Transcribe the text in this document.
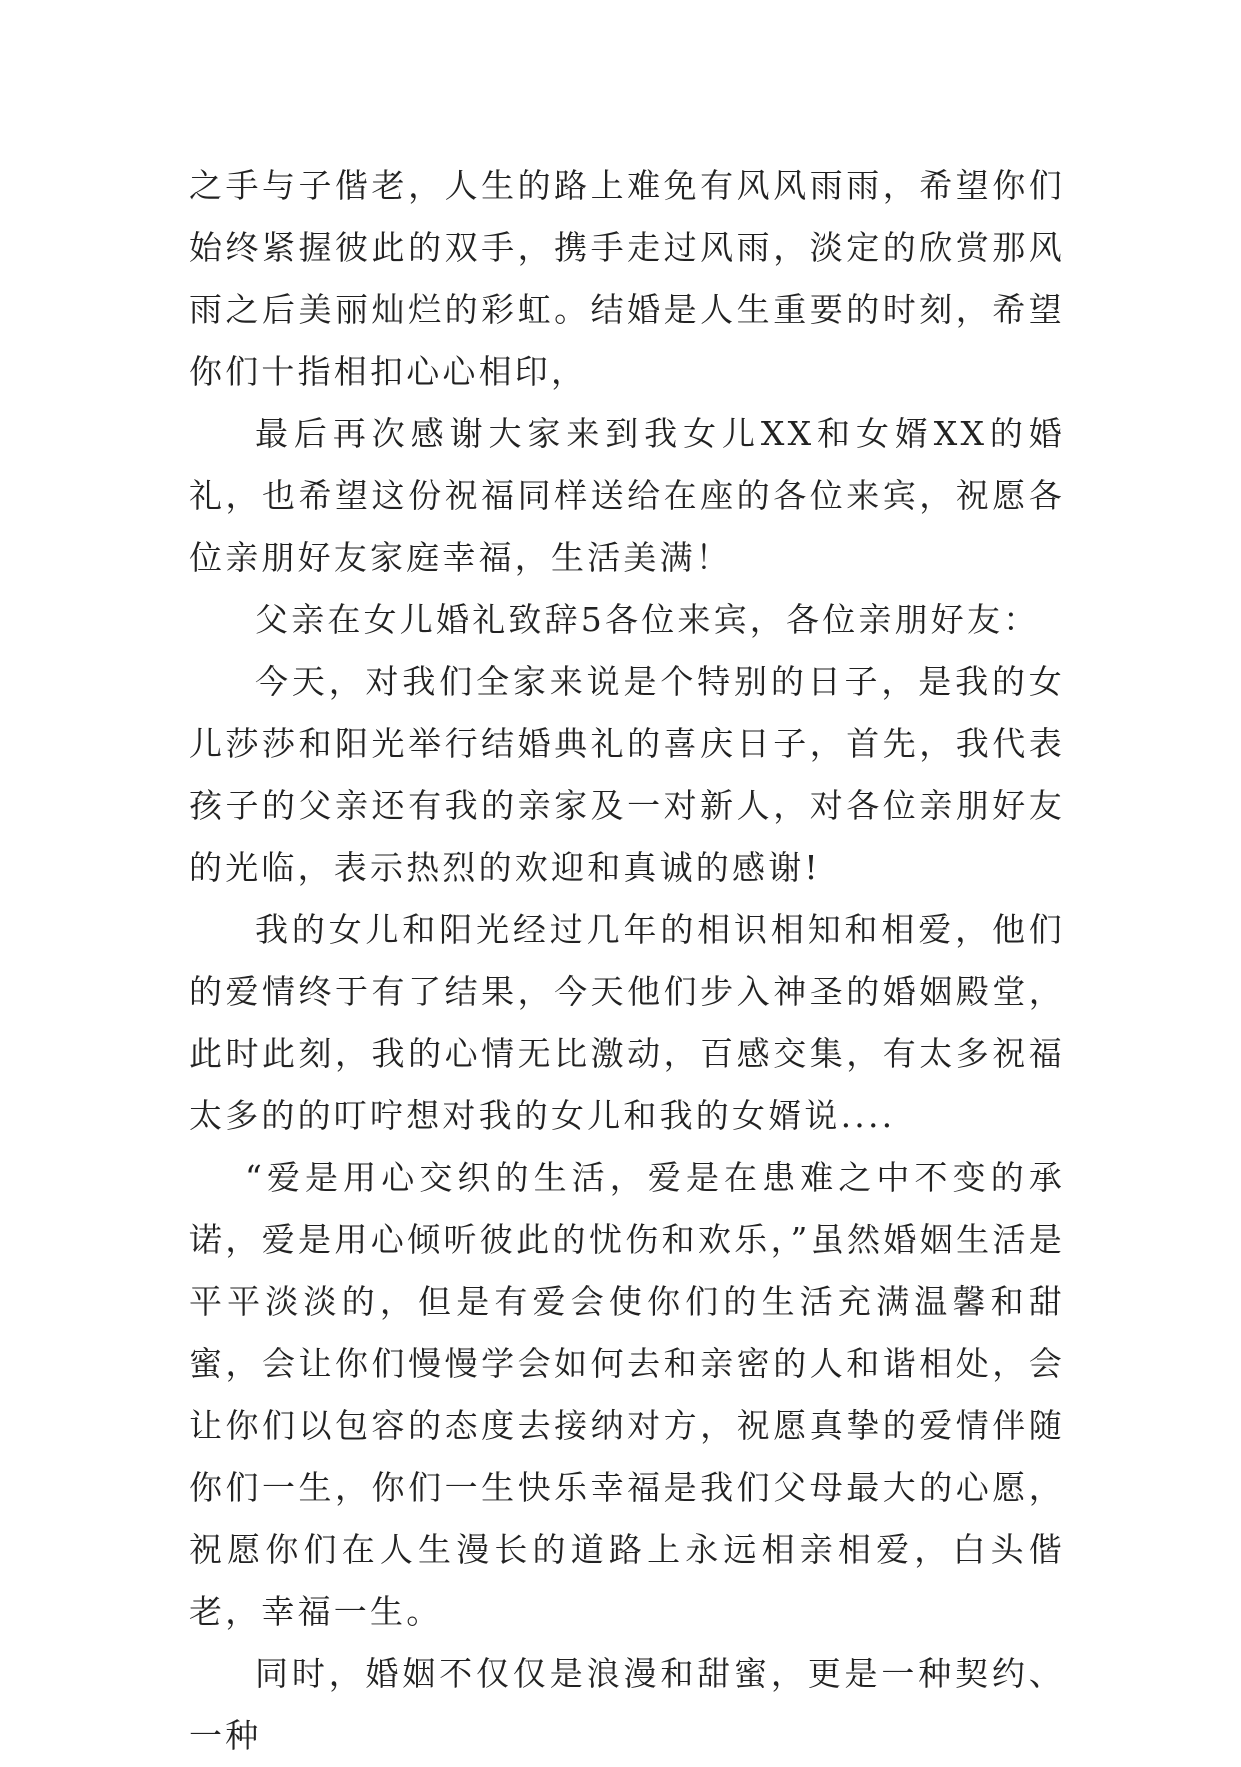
之手与子偕老，人生的路上难免有风风雨雨，希望你们始终紧握彼此的双手，携手走过风雨，淡定的欣赏那风雨之后美丽灿烂的彩虹。结婚是人生重要的时刻，希望你们十指相扣心心相印，

最后再次感谢大家来到我女儿XX和女婿XX的婚礼，也希望这份祝福同样送给在座的各位来宾，祝愿各位亲朋好友家庭幸福，生活美满！

父亲在女儿婚礼致辞5各位来宾，各位亲朋好友：

今天，对我们全家来说是个特别的日子，是我的女儿莎莎和阳光举行结婚典礼的喜庆日子，首先，我代表孩子的父亲还有我的亲家及一对新人，对各位亲朋好友的光临，表示热烈的欢迎和真诚的感谢!

我的女儿和阳光经过几年的相识相知和相爱，他们的爱情终于有了结果，今天他们步入神圣的婚姻殿堂，此时此刻，我的心情无比激动，百感交集，有太多祝福太多的的叮咛想对我的女儿和我的女婿说....

“爱是用心交织的生活，爱是在患难之中不变的承诺，爱是用心倾听彼此的忧伤和欢乐，”虽然婚姻生活是平平淡淡的，但是有爱会使你们的生活充满温馨和甜蜜，会让你们慢慢学会如何去和亲密的人和谐相处，会让你们以包容的态度去接纳对方，祝愿真挚的爱情伴随你们一生，你们一生快乐幸福是我们父母最大的心愿，祝愿你们在人生漫长的道路上永远相亲相爱，白头偕老，幸福一生。

同时，婚姻不仅仅是浪漫和甜蜜，更是一种契约、一种
